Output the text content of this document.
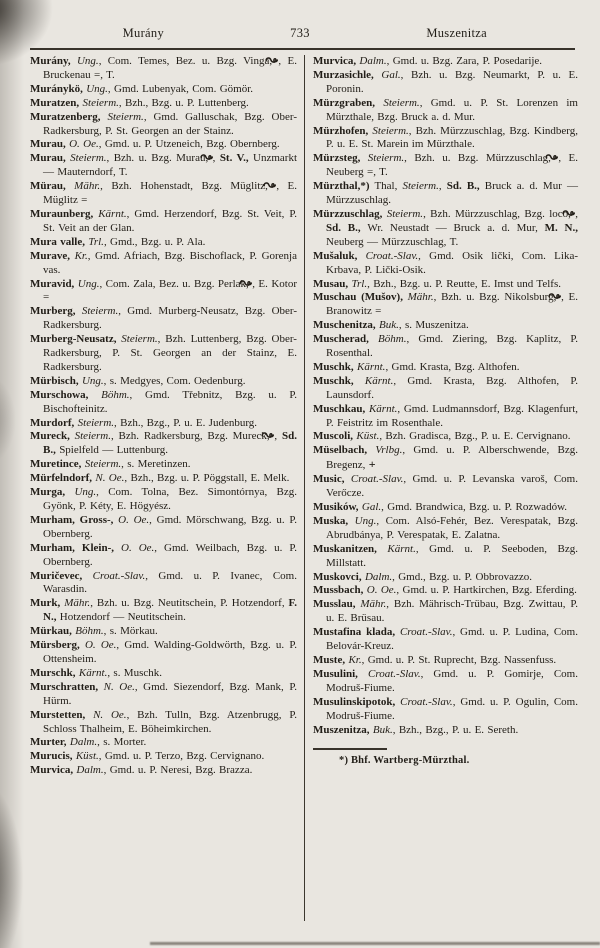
Murány	733	Muszenitza

Murány, Ung., Com. Temes, Bez. u. Bzg. Vinga, , E. Bruckenau =, T.

Muránykö, Ung., Gmd. Lubenyak, Com. Gömör.

Muratzen, Steierm., Bzh., Bzg. u. P. Luttenberg.

Muratzenberg, Steierm., Gmd. Galluschak, Bzg. Ober-Radkersburg, P. St. Georgen an der Stainz.

Murau, O. Oe., Gmd. u. P. Utzeneich, Bzg. Obernberg.

Murau, Steierm., Bzh. u. Bzg. Murau, , St. V., Unzmarkt — Mauterndorf, T.

Mürau, Mähr., Bzh. Hohenstadt, Bzg. Müglitz, , E. Müglitz =

Muraunberg, Kärnt., Gmd. Herzendorf, Bzg. St. Veit, P. St. Veit an der Glan.

Mura valle, Trl., Gmd., Bzg. u. P. Ala.

Murave, Kr., Gmd. Afriach, Bzg. Bischoflack, P. Gorenja vas.

Muravid, Ung., Com. Zala, Bez. u. Bzg. Perlak, , E. Kotor =

Murberg, Steierm., Gmd. Murberg-Neusatz, Bzg. Ober-Radkersburg.

Murberg-Neusatz, Steierm., Bzh. Luttenberg, Bzg. Ober-Radkersburg, P. St. Georgen an der Stainz, E. Radkersburg.

Mürbisch, Ung., s. Medgyes, Com. Oedenburg.

Murschowa, Böhm., Gmd. Třebnitz, Bzg. u. P. Bischofteinitz.

Murdorf, Steierm., Bzh., Bzg., P. u. E. Judenburg.

Mureck, Steierm., Bzh. Radkersburg, Bzg. Mureck, , Sd. B., Spielfeld — Luttenburg.

Muretince, Steierm., s. Meretinzen.

Mürfelndorf, N. Oe., Bzh., Bzg. u. P. Pöggstall, E. Melk.

Murga, Ung., Com. Tolna, Bez. Simontórnya, Bzg. Gyönk, P. Kéty, E. Högyész.

Murham, Gross-, O. Oe., Gmd. Mörschwang, Bzg. u. P. Obernberg.

Murham, Klein-, O. Oe., Gmd. Weilbach, Bzg. u. P. Obernberg.

Muričevec, Croat.-Slav., Gmd. u. P. Ivanec, Com. Warasdin.

Murk, Mähr., Bzh. u. Bzg. Neutitschein, P. Hotzendorf, F. N., Hotzendorf — Neutitschein.

Mürkau, Böhm., s. Mörkau.

Mürsberg, O. Oe., Gmd. Walding-Goldwörth, Bzg. u. P. Ottensheim.

Murschk, Kärnt., s. Muschk.

Murschratten, N. Oe., Gmd. Siezendorf, Bzg. Mank, P. Hürm.

Murstetten, N. Oe., Bzh. Tulln, Bzg. Atzenbrugg, P. Schloss Thalheim, E. Böheimkirchen.

Murter, Dalm., s. Morter.

Murucis, Küst., Gmd. u. P. Terzo, Bzg. Cervignano.

Murvica, Dalm., Gmd. u. P. Neresi, Bzg. Brazza.

Murvica, Dalm., Gmd. u. Bzg. Zara, P. Posedarije.

Murzasichle, Gal., Bzh. u. Bzg. Neumarkt, P. u. E. Poronin.

Mürzgraben, Steierm., Gmd. u. P. St. Lorenzen im Mürzthale, Bzg. Bruck a. d. Mur.

Mürzhofen, Steierm., Bzh. Mürzzuschlag, Bzg. Kindberg, P. u. E. St. Marein im Mürzthale.

Mürzsteg, Steierm., Bzh. u. Bzg. Mürzzuschlag, , E. Neuberg =, T.

Mürzthal,*) Thal, Steierm., Sd. B., Bruck a. d. Mur — Mürzzuschlag.

Mürzzuschlag, Steierm., Bzh. Mürzzuschlag, Bzg. loco, , Sd. B., Wr. Neustadt — Bruck a. d. Mur, M. N., Neuberg — Mürzzuschlag, T.

Mušaluk, Croat.-Slav., Gmd. Osik lički, Com. Lika-Krbava, P. Lički-Osik.

Musau, Trl., Bzh., Bzg. u. P. Reutte, E. Imst und Telfs.

Muschau (Mušov), Mähr., Bzh. u. Bzg. Nikolsburg, , E. Branowitz =

Muschenitza, Buk., s. Muszenitza.

Muscherad, Böhm., Gmd. Ziering, Bzg. Kaplitz, P. Rosenthal.

Muschk, Kärnt., Gmd. Krasta, Bzg. Althofen.

Muschk, Kärnt., Gmd. Krasta, Bzg. Althofen, P. Launsdorf.

Muschkau, Kärnt., Gmd. Ludmannsdorf, Bzg. Klagenfurt, P. Feistritz im Rosenthale.

Muscoli, Küst., Bzh. Gradisca, Bzg., P. u. E. Cervignano.

Müselbach, Vrlbg., Gmd. u. P. Alberschwende, Bzg. Bregenz, +

Music, Croat.-Slav., Gmd. u. P. Levanska varoš, Com. Verőcze.

Musików, Gal., Gmd. Brandwica, Bzg. u. P. Rozwadów.

Muska, Ung., Com. Alsó-Fehér, Bez. Verespatak, Bzg. Abrudbánya, P. Verespatak, E. Zalatna.

Muskanitzen, Kärnt., Gmd. u. P. Seeboden, Bzg. Millstatt.

Muskovci, Dalm., Gmd., Bzg. u. P. Obbrovazzo.

Mussbach, O. Oe., Gmd. u. P. Hartkirchen, Bzg. Eferding.

Musslau, Mähr., Bzh. Mährisch-Trübau, Bzg. Zwittau, P. u. E. Brüsau.

Mustafina klada, Croat.-Slav., Gmd. u. P. Ludina, Com. Belovár-Kreuz.

Muste, Kr., Gmd. u. P. St. Ruprecht, Bzg. Nassenfuss.

Musulini, Croat.-Slav., Gmd. u. P. Gomirje, Com. Modruš-Fiume.

Musulinskipotok, Croat.-Slav., Gmd. u. P. Ogulin, Com. Modruš-Fiume.

Muszenitza, Buk., Bzh., Bzg., P. u. E. Sereth.

*) Bhf. Wartberg-Mürzthal.
